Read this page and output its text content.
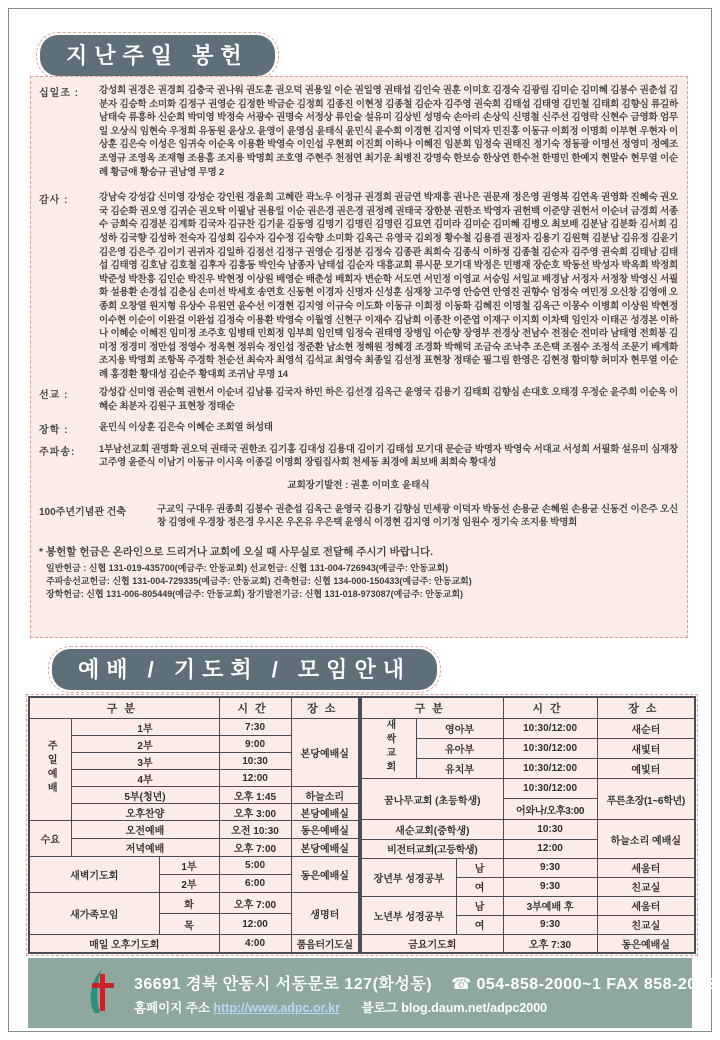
지난주일 봉헌
십일조 :	강성희 권경은 권경희 김충국 권나워 권도훈 권오덕 권용일 이순 권일영 권태섭 김인숙 권훈 이미호 김경숙 김광림 김미순 김미혜 김봉수 권춘섭 김분자 김승학 소미화 김정구 권영순 김정한 박금순 김정희 김종진 이현정 김종철 김순자 김주영 권숙희 김태섭 김태영 김민철 김태희 김향심 류길하 남태숙 류흥하 신순희 박미영 박정숙 서광수 권명숙 서정상 류인술 설유미 김상빈 성명숙 손아리 손상익 신명철 신주선 김영락 신현수 금영화 엄무일 오상식 임현숙 우정희 유동원 윤상오 윤영이 윤영심 윤태식 윤민식 윤수희 이경현 김지영 이덕자 민진홍 이동규 이희정 이명희 이부현 우현자 이상훈 김은숙 이성은 임귀숙 이순옥 이용환 박영숙 이인섭 우현희 이진희 이하나 이혜진 임분희 임정숙 권태진 정기숙 정동광 이명선 정영미 정예조 조영규 조영옥 조재형 조용흠 조지용 박명희 조호영 주현주 천점연 최기운 최병진 강명숙 한보승 한상연 한수천 한명민 한예지 현말수 현무열 이순례 황금애 황승규 권남영 무명 2
감사 :	강남숙 강성갑 신미영 강성순 강인원 경윤희 고혜란 곽노우 이정규 권경희 권금연 박재흥 권나은 권문재 정은영 권영복 김연옥 권영화 진혜숙 권오국 김순화 권오영 김귀순 권오탁 이필남 권용일 이순 권은경 권은경 권정례 권태국 장한분 권한조 박영자 권헌백 이준양 권헌서 이순녀 금경희 서종수 금희숙 김경분 김계화 김국자 김규찬 김기윤 김동영 김명기 김명린 김명린 김묘연 김미라 김미순 김미혜 김병오 최보배 김분남 김분화 김서희 김성하 김국향 김성하 전숙자 김성희 김수자 김수정 김숙향 소미화 김옥근 유영국 김외정 황수철 김용겸 권정자 김용기 김원혁 김분남 김유정 김윤기 김은영 김은주 김이기 권귀자 김일하 김점선 김정구 권영순 김정분 김정숙 김종관 최희숙 김종식 이하정 김종철 김순자 김주영 권숙희 김태남 김태섭 김태영 김호남 김호철 김후자 김흥동 박인숙 남종자 남태섭 김순자 대흥교회 류시문 모기대 박정은 민병재 장순호 박동선 박성자 박옥희 박정희 박준성 박찬흥 김인순 박진우 박현정 이상원 배영순 배춘성 배희자 변순학 서도연 서민정 이영교 서승임 서일교 배경남 서정자 서정창 박영신 서필화 설용환 손경섭 김춘심 손미선 박세호 송연호 신동현 이경자 신명자 신성훈 심재창 고주영 안승연 안영진 권향수 엄정숙 여민정 오신창 김영애 오종희 오창열 원지형 유상수 유원연 윤수선 이경현 김지영 이규숙 이도화 이동규 이희정 이동화 김혜진 이명철 김옥근 이몽수 이병희 이상원 박현정 이수현 이순이 이완걸 이완섭 김정숙 이용환 박영숙 이월영 신현구 이재수 김남희 이종찬 이준엽 이재구 이지희 이차택 임인자 이태곤 성경본 이하나 이혜순 이혜진 임미정 조주호 임병태 민희정 임부희 임인택 임정숙 권태영 장병임 이순향 장영부 전경상 전남수 전점순 전미라 남태영 전희봉 김미정 정경미 정만섭 정영수 정옥현 정위숙 정인섭 정준환 남소현 정해원 정혜경 조경화 박해덕 조금숙 조낙추 조은택 조점수 조정석 조문기 배계화 조지용 박명희 조항목 주경학 천순선 최숙자 최영석 김석교 최영숙 최종일 김선정 표현창 정태순 필그림 한영은 김현정 함미향 허미자 현무열 이순례 홍경환 황대성 김순주 황대희 조귀남 무명 14
선교 :	강성갑 신미영 권순혁 권헌서 이순녀 김남룡 김국자 하민 하은 김선경 김옥근 윤영국 김용기 김태희 김향심 손대호 오태경 우정순 윤주희 이순옥 이혜순 최분자 김원구 표현창 정태순
장학 :	윤민식 이상훈 김은숙 이혜순 조희열 허성태
주파송:	1부남선교회 권명화 권오덕 권태국 권한조 김기홍 김대성 김용대 김이기 김태섭 모기대 문순금 박명자 박영숙 서대교 서성희 서필화 설유미 심재창 고주영 윤준식 이남기 이동규 이시욱 이종길 이명희 장립집사회 천세동 최경애 최보배 최희숙 황대성
교회장기발전 : 권훈 이미호 윤태식
100주년기념관 건축	구교익 구대우 권종희 김봉수 권춘섭 김옥근 윤영국 김용기 김향심 민세광 이덕자 박동선 손용균 손혜원 손용균 신동건 이은주 오신창 김영애 우경창 정은경 우시온 우온유 우은택 윤영식 이경현 김지영 이기정 임원수 정기숙 조지용 박명희
* 봉헌할 헌금은 온라인으로 드리거나 교회에 오실 때 사무실로 전달해 주시기 바랍니다.
일반헌금 : 신협 131-019-435700(예금주: 안동교회) 선교헌금: 신협 131-004-726943(예금주: 안동교회)
주파송선교헌금: 신협 131-004-729335(예금주: 안동교회) 건축헌금: 신협 134-000-150433(예금주: 안동교회)
장학헌금: 신협 131-006-805449(예금주: 안동교회) 장기발전기금: 신협 131-018-973087(예금주: 안동교회)
예배 / 기도회 / 모임안내
구분			시간	장소
주일예배	1부		7:30	본당예배실
	2부		9:00	
	3부		10:30	
	4부		12:00	
	5부(청년)		오후 1:45	하늘소리
	오후찬양		오후 3:00	본당예배실
수요	오전예배		오전 10:30	동은예배실
	저녁예배		오후 7:00	본당예배실
새벽기도회		1부	5:00	동은예배실
		2부	6:00	
새가족모임		화	오후 7:00	생명터
		목	12:00	
매일 오후기도회			4:00	품음터기도실
구분			시간	장소
새싹교회	영아부		10:30/12:00	새순터
	유아부		10:30/12:00	새빛터
	유치부		10:30/12:00	예빛터
꿈나무교회 (초등학생)			10:30/12:00	푸른초장(1~6학년)
			어와나/오후3:00	
새순교회(중학생)			10:30	하늘소리 예배실
비전터교회(고등학생)			12:00	
장년부 성경공부		남	9:30	세움터
		여	9:30	친교실
노년부 성경공부		남	3부예배 후	세움터
		여	9:30	친교실
금요기도회			오후 7:30	동은예배실
36691 경북 안동시 서동문로 127(화성동) ☎ 054-858-2000~1 FAX 858-2002
홈페이지 주소 http://www.adpc.or.kr 블로그 blog.daum.net/adpc2000
